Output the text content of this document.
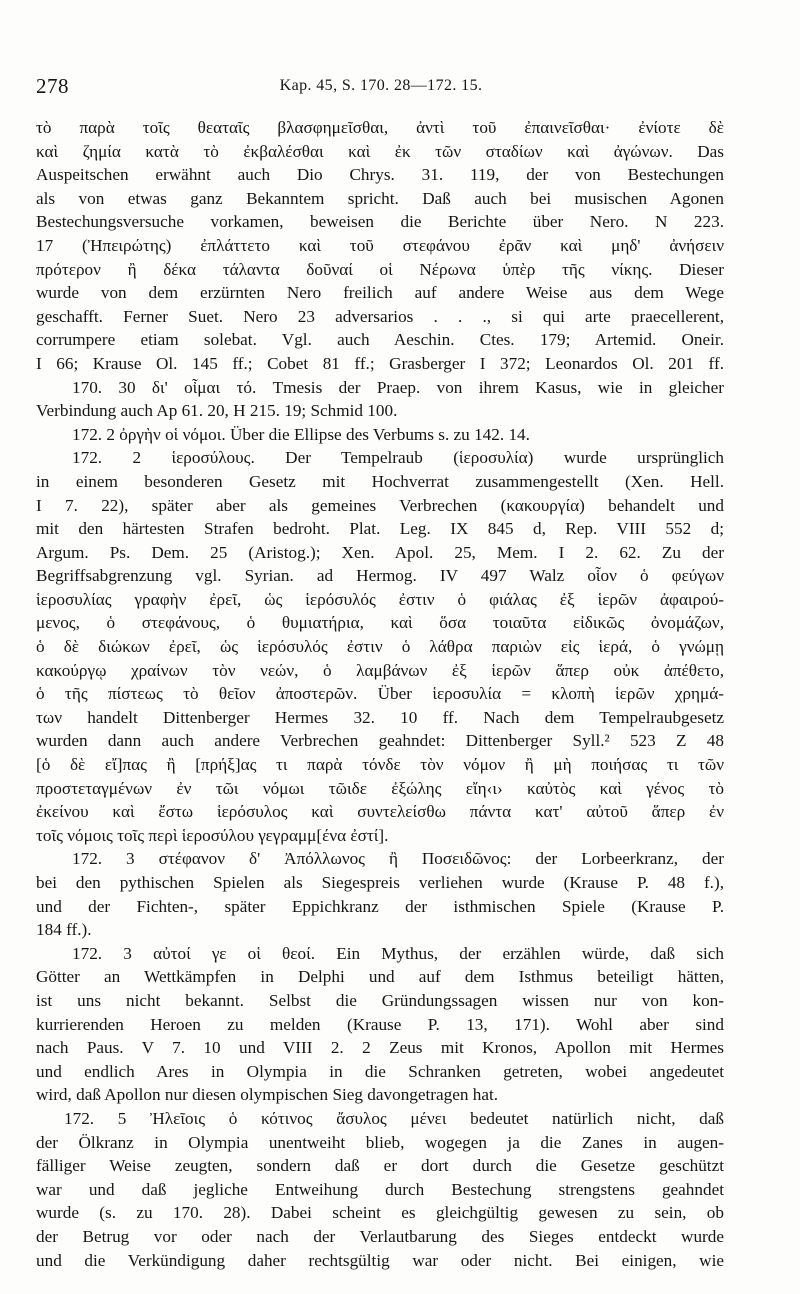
278	Kap. 45, S. 170. 28—172. 15.
τὸ παρὰ τοῖς θεαταῖς βλασφημεῖσθαι, ἀντὶ τοῦ ἐπαινεῖσθαι· ἐνίοτε δὲ
καὶ ζημία κατὰ τὸ ἐκβαλέσθαι καὶ ἐκ τῶν σταδίων καὶ ἀγώνων. Das
Auspeitschen erwähnt auch Dio Chrys. 31. 119, der von Bestechungen
als von etwas ganz Bekanntem spricht. Daß auch bei musischen Agonen
Bestechungsversuche vorkamen, beweisen die Berichte über Nero. N 223.
17 (Ἠπειρώτης) ἐπλάττετο καὶ τοῦ στεφάνου ἐρᾶν καὶ μηδ' ἀνήσειν
πρότερον ἢ δέκα τάλαντα δοῦναί οἱ Νέρωνα ὑπὲρ τῆς νίκης. Dieser
wurde von dem erzürnten Nero freilich auf andere Weise aus dem Wege
geschafft. Ferner Suet. Nero 23 adversarios . . ., si qui arte praecellerent,
corrumpere etiam solebat. Vgl. auch Aeschin. Ctes. 179; Artemid. Oneir.
I 66; Krause Ol. 145 ff.; Cobet 81 ff.; Grasberger I 372; Leonardos Ol. 201 ff.
170. 30 δι' οἶμαι τό. Tmesis der Praep. von ihrem Kasus, wie in gleicher
Verbindung auch Ap 61. 20, H 215. 19; Schmid 100.
172. 2 ὀργὴν οἱ νόμοι. Über die Ellipse des Verbums s. zu 142. 14.
172. 2 ἱεροσύλους. Der Tempelraub (ἱεροσυλία) wurde ursprünglich
in einem besonderen Gesetz mit Hochverrat zusammengestellt (Xen. Hell.
I 7. 22), später aber als gemeines Verbrechen (κακουργία) behandelt und
mit den härtesten Strafen bedroht. Plat. Leg. IX 845 d, Rep. VIII 552 d;
Argum. Ps. Dem. 25 (Aristog.); Xen. Apol. 25, Mem. I 2. 62. Zu der
Begriffsabgrenzung vgl. Syrian. ad Hermog. IV 497 Walz οἷον ὁ φεύγων
ἱεροσυλίας γραφὴν ἐρεῖ, ὡς ἱερόσυλός ἐστιν ὁ φιάλας ἐξ ἱερῶν ἀφαιρού-
μενος, ὁ στεφάνους, ὁ θυμιατήρια, καὶ ὅσα τοιαῦτα εἰδικῶς ὀνομάζων,
ὁ δὲ διώκων ἐρεῖ, ὡς ἱερόσυλός ἐστιν ὁ λάθρα παριὼν εἰς ἱερά, ὁ γνώμῃ
κακούργῳ χραίνων τὸν νεών, ὁ λαμβάνων ἐξ ἱερῶν ἅπερ οὐκ ἀπέθετο,
ὁ τῆς πίστεως τὸ θεῖον ἀποστερῶν. Über ἱεροσυλία = κλοπὴ ἱερῶν χρημά-
των handelt Dittenberger Hermes 32. 10 ff. Nach dem Tempelraubgesetz
wurden dann auch andere Verbrechen geahndet: Dittenberger Syll.² 523 Z 48
[ὁ δὲ εἴ]πας ἢ [πρήξ]ας τι παρὰ τόνδε τὸν νόμον ἢ μὴ ποιήσας τι τῶν
προστεταγμένων ἐν τῶι νόμωι τῶιδε ἐξώλης εἴη‹ι› καὐτὸς καὶ γένος τὸ
ἐκείνου καὶ ἔστω ἱερόσυλος καὶ συντελείσθω πάντα κατ' αὐτοῦ ἅπερ ἐν
τοῖς νόμοις τοῖς περὶ ἱεροσύλου γεγραμμ[ένα ἐστί].
172. 3 στέφανον δ' Ἀπόλλωνος ἢ Ποσειδῶνος: der Lorbeerkranz, der
bei den pythischen Spielen als Siegespreis verliehen wurde (Krause P. 48 f.),
und der Fichten-, später Eppichkranz der isthmischen Spiele (Krause P.
184 ff.).
172. 3 αὐτοί γε οἱ θεοί. Ein Mythus, der erzählen würde, daß sich
Götter an Wettkämpfen in Delphi und auf dem Isthmus beteiligt hätten,
ist uns nicht bekannt. Selbst die Gründungssagen wissen nur von kon-
kurrierenden Heroen zu melden (Krause P. 13, 171). Wohl aber sind
nach Paus. V 7. 10 und VIII 2. 2 Zeus mit Kronos, Apollon mit Hermes
und endlich Ares in Olympia in die Schranken getreten, wobei angedeutet
wird, daß Apollon nur diesen olympischen Sieg davongetragen hat.
172. 5 Ἠλεῖοις ὁ κότινος ἄσυλος μένει bedeutet natürlich nicht, daß
der Ölkranz in Olympia unentweiht blieb, wogegen ja die Zanes in augen-
fälliger Weise zeugten, sondern daß er dort durch die Gesetze geschützt
war und daß jegliche Entweihung durch Bestechung strengstens geahndet
wurde (s. zu 170. 28). Dabei scheint es gleichgültig gewesen zu sein, ob
der Betrug vor oder nach der Verlautbarung des Sieges entdeckt wurde
und die Verkündigung daher rechtsgültig war oder nicht. Bei einigen, wie
